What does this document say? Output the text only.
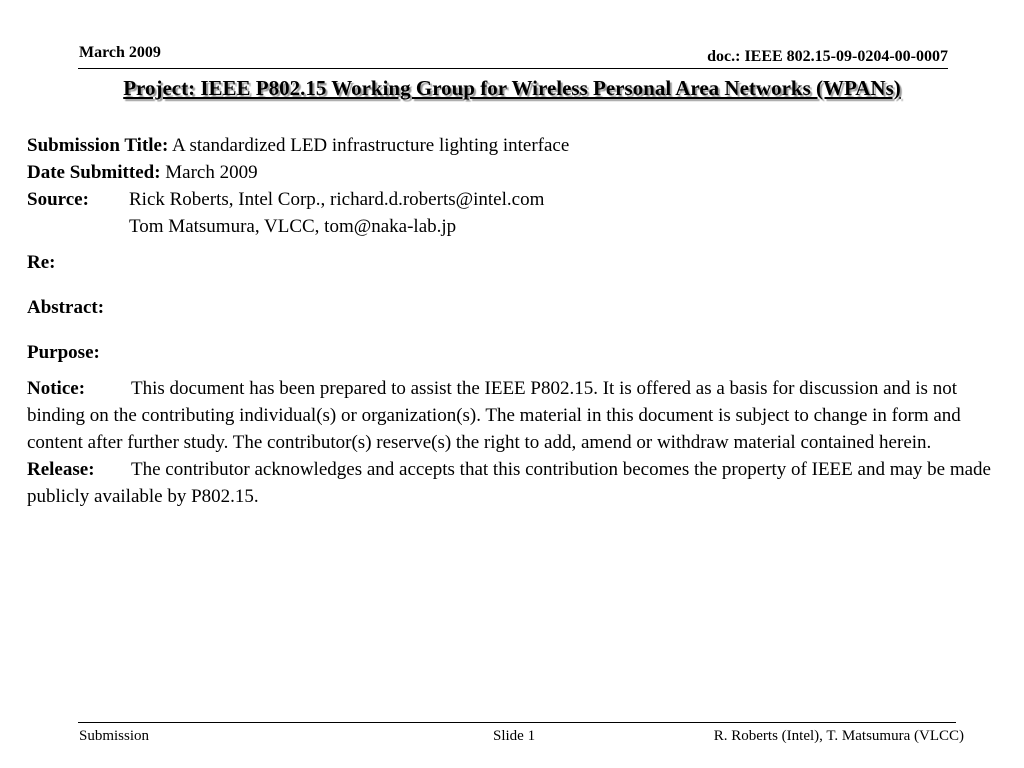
March 2009	doc.: IEEE 802.15-09-0204-00-0007
Project: IEEE P802.15 Working Group for Wireless Personal Area Networks (WPANs)
Submission Title: A standardized LED infrastructure lighting interface
Date Submitted: March 2009
Source: Rick Roberts, Intel Corp., richard.d.roberts@intel.com
Tom Matsumura, VLCC, tom@naka-lab.jp
Re:
Abstract:
Purpose:
Notice: This document has been prepared to assist the IEEE P802.15. It is offered as a basis for discussion and is not binding on the contributing individual(s) or organization(s). The material in this document is subject to change in form and content after further study. The contributor(s) reserve(s) the right to add, amend or withdraw material contained herein.
Release: The contributor acknowledges and accepts that this contribution becomes the property of IEEE and may be made publicly available by P802.15.
Submission	Slide 1	R. Roberts (Intel), T. Matsumura (VLCC)
